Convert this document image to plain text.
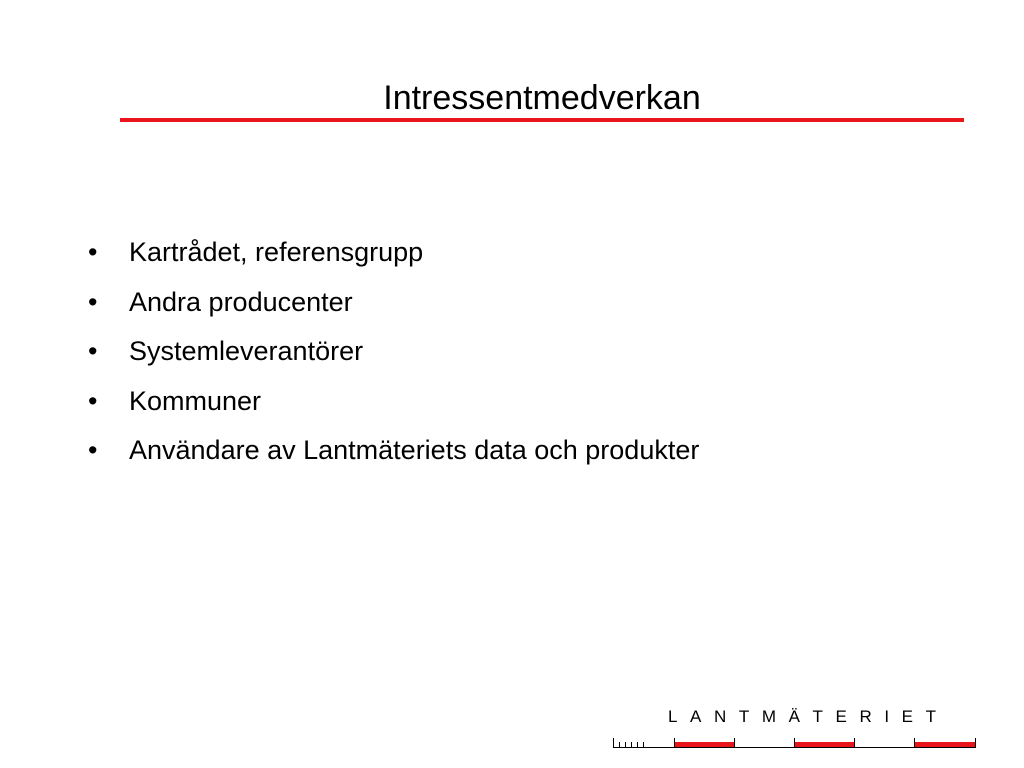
Intressentmedverkan
•	Kartrådet, referensgrupp
•	Andra producenter
•	Systemleverantörer
•	Kommuner
•	Användare av Lantmäteriets data och produkter
LANTMÄTERIET
